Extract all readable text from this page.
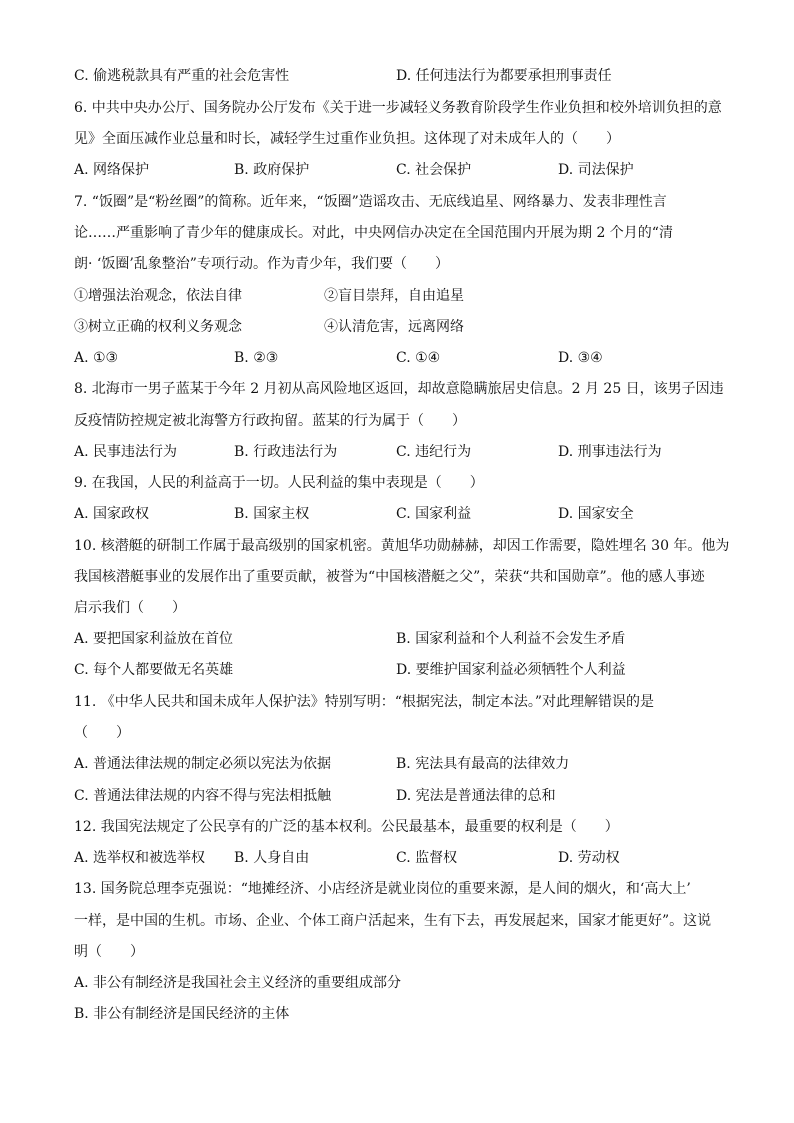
C. 偷逃税款具有严重的社会危害性	D. 任何违法行为都要承担刑事责任
6. 中共中央办公厅、国务院办公厅发布《关于进一步减轻义务教育阶段学生作业负担和校外培训负担的意
见》全面压减作业总量和时长，减轻学生过重作业负担。这体现了对未成年人的（　　）
A. 网络保护	B. 政府保护	C. 社会保护	D. 司法保护
7. “饭圈”是“粉丝圈”的简称。近年来，“饭圈”造谣攻击、无底线追星、网络暴力、发表非理性言
论……严重影响了青少年的健康成长。对此，中央网信办决定在全国范围内开展为期 2 个月的“清
朗· ‘饭圈’乱象整治”专项行动。作为青少年，我们要（　　）
①增强法治观念，依法自律	②盲目崇拜，自由追星
③树立正确的权利义务观念	④认清危害，远离网络
A. ①③	B. ②③	C. ①④	D. ③④
8. 北海市一男子蓝某于今年 2 月初从高风险地区返回，却故意隐瞒旅居史信息。2 月 25 日，该男子因违
反疫情防控规定被北海警方行政拘留。蓝某的行为属于（　　）
A. 民事违法行为	B. 行政违法行为	C. 违纪行为	D. 刑事违法行为
9. 在我国，人民的利益高于一切。人民利益的集中表现是（　　）
A. 国家政权	B. 国家主权	C. 国家利益	D. 国家安全
10. 核潜艇的研制工作属于最高级别的国家机密。黄旭华功勋赫赫，却因工作需要，隐姓埋名 30 年。他为
我国核潜艇事业的发展作出了重要贡献，被誉为“中国核潜艇之父”，荣获“共和国勋章”。他的感人事迹
启示我们（　　）
A. 要把国家利益放在首位	B. 国家利益和个人利益不会发生矛盾
C. 每个人都要做无名英雄	D. 要维护国家利益必须牺牲个人利益
11. 《中华人民共和国未成年人保护法》特别写明：“根据宪法，制定本法。”对此理解错误的是
（　　）
A. 普通法律法规的制定必须以宪法为依据	B. 宪法具有最高的法律效力
C. 普通法律法规的内容不得与宪法相抵触	D. 宪法是普通法律的总和
12. 我国宪法规定了公民享有的广泛的基本权利。公民最基本，最重要的权利是（　　）
A. 选举权和被选举权 B. 人身自由	C. 监督权	D. 劳动权
13. 国务院总理李克强说：“地摊经济、小店经济是就业岗位的重要来源，是人间的烟火，和‘高大上’
一样，是中国的生机。市场、企业、个体工商户活起来，生有下去，再发展起来，国家才能更好”。这说
明（　　）
A. 非公有制经济是我国社会主义经济的重要组成部分
B. 非公有制经济是国民经济的主体
